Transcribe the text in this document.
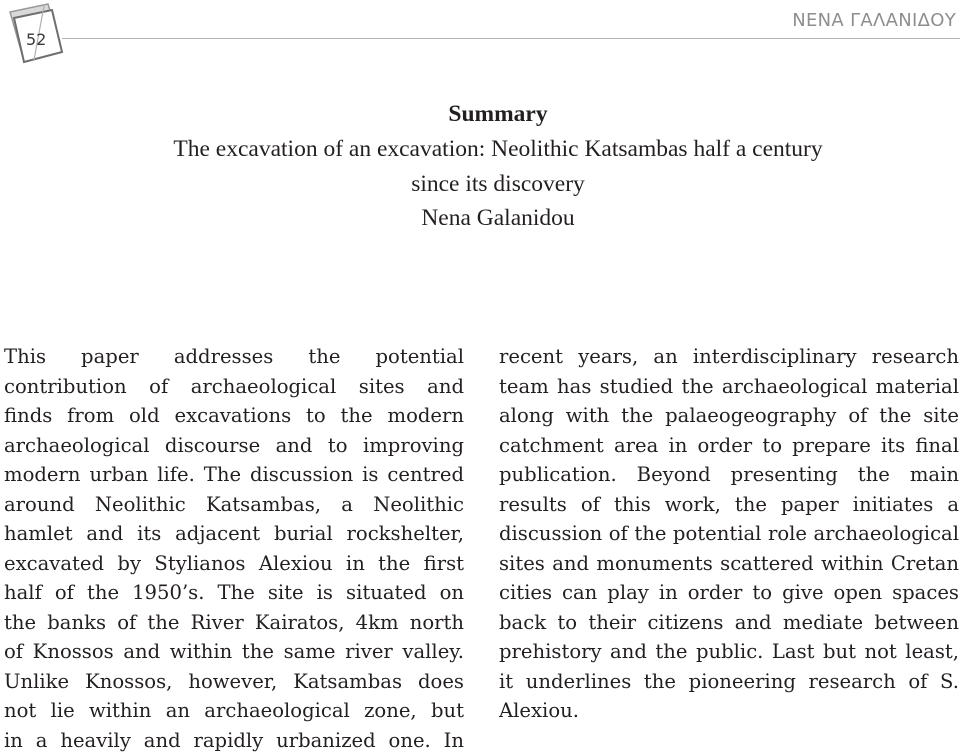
52
ΝΕΝΑ ΓΑΛΑΝΙΔΟΥ
Summary
The excavation of an excavation: Neolithic Katsambas half a century
since its discovery
Nena Galanidou
This paper addresses the potential
contribution of archaeological sites and
finds from old excavations to the modern
archaeological discourse and to improving
modern urban life. The discussion is centred
around Neolithic Katsambas, a Neolithic
hamlet and its adjacent burial rockshelter,
excavated by Stylianos Alexiou in the first
half of the 1950’s. The site is situated on
the banks of the River Kairatos, 4km north
of Knossos and within the same river valley.
Unlike Knossos, however, Katsambas does
not lie within an archaeological zone, but
in a heavily and rapidly urbanized one. In
recent years, an interdisciplinary research
team has studied the archaeological material
along with the palaeogeography of the site
catchment area in order to prepare its final
publication. Beyond presenting the main
results of this work, the paper initiates a
discussion of the potential role archaeological
sites and monuments scattered within Cretan
cities can play in order to give open spaces
back to their citizens and mediate between
prehistory and the public. Last but not least,
it underlines the pioneering research of S.
Alexiou.
